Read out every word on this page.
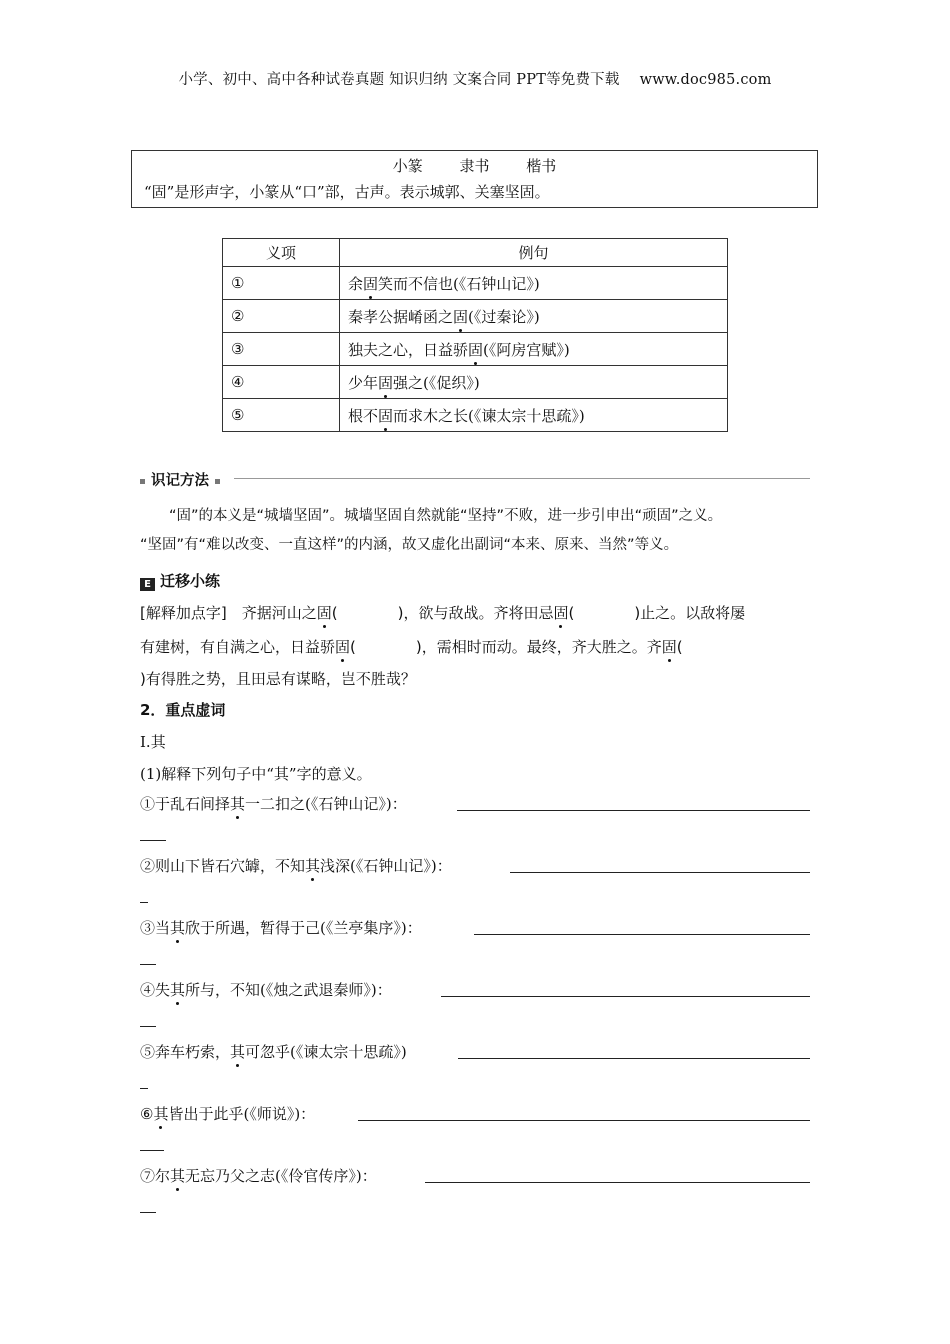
小学、初中、高中各种试卷真题 知识归纳 文案合同 PPT等免费下载 www.doc985.com
小篆 隶书 楷书
“固”是形声字，小篆从“口”部，古声。表示城郭、关塞坚固。
义项	例句
①	余固笑而不信也(《石钟山记》)
②	秦孝公据崤函之固(《过秦论》)
③	独夫之心，日益骄固(《阿房宫赋》)
④	少年固强之(《促织》)
⑤	根不固而求木之长(《谏太宗十思疏》)
识记方法
“固”的本义是“城墙坚固”。城墙坚固自然就能“坚持”不败，进一步引申出“顽固”之义。
“坚固”有“难以改变、一直这样”的内涵，故又虚化出副词“本来、原来、当然”等义。
E 迁移小练
[解释加点字]　齐据河山之固(　　　　)，欲与敌战。齐将田忌固(　　　　)止之。以敌将屡
有建树，有自满之心，日益骄固(　　　　)，需相时而动。最终，齐大胜之。齐固(
)有得胜之势，且田忌有谋略，岂不胜哉？
2．重点虚词
Ⅰ.其
(1)解释下列句子中“其”字的意义。
①于乱石间择其一二扣之(《石钟山记》)：
②则山下皆石穴罅，不知其浅深(《石钟山记》)：
③当其欣于所遇，暂得于己(《兰亭集序》)：
④失其所与，不知(《烛之武退秦师》)：
⑤奔车朽索，其可忽乎(《谏太宗十思疏》)
⑥其皆出于此乎(《师说》)：
⑦尔其无忘乃父之志(《伶官传序》)：
